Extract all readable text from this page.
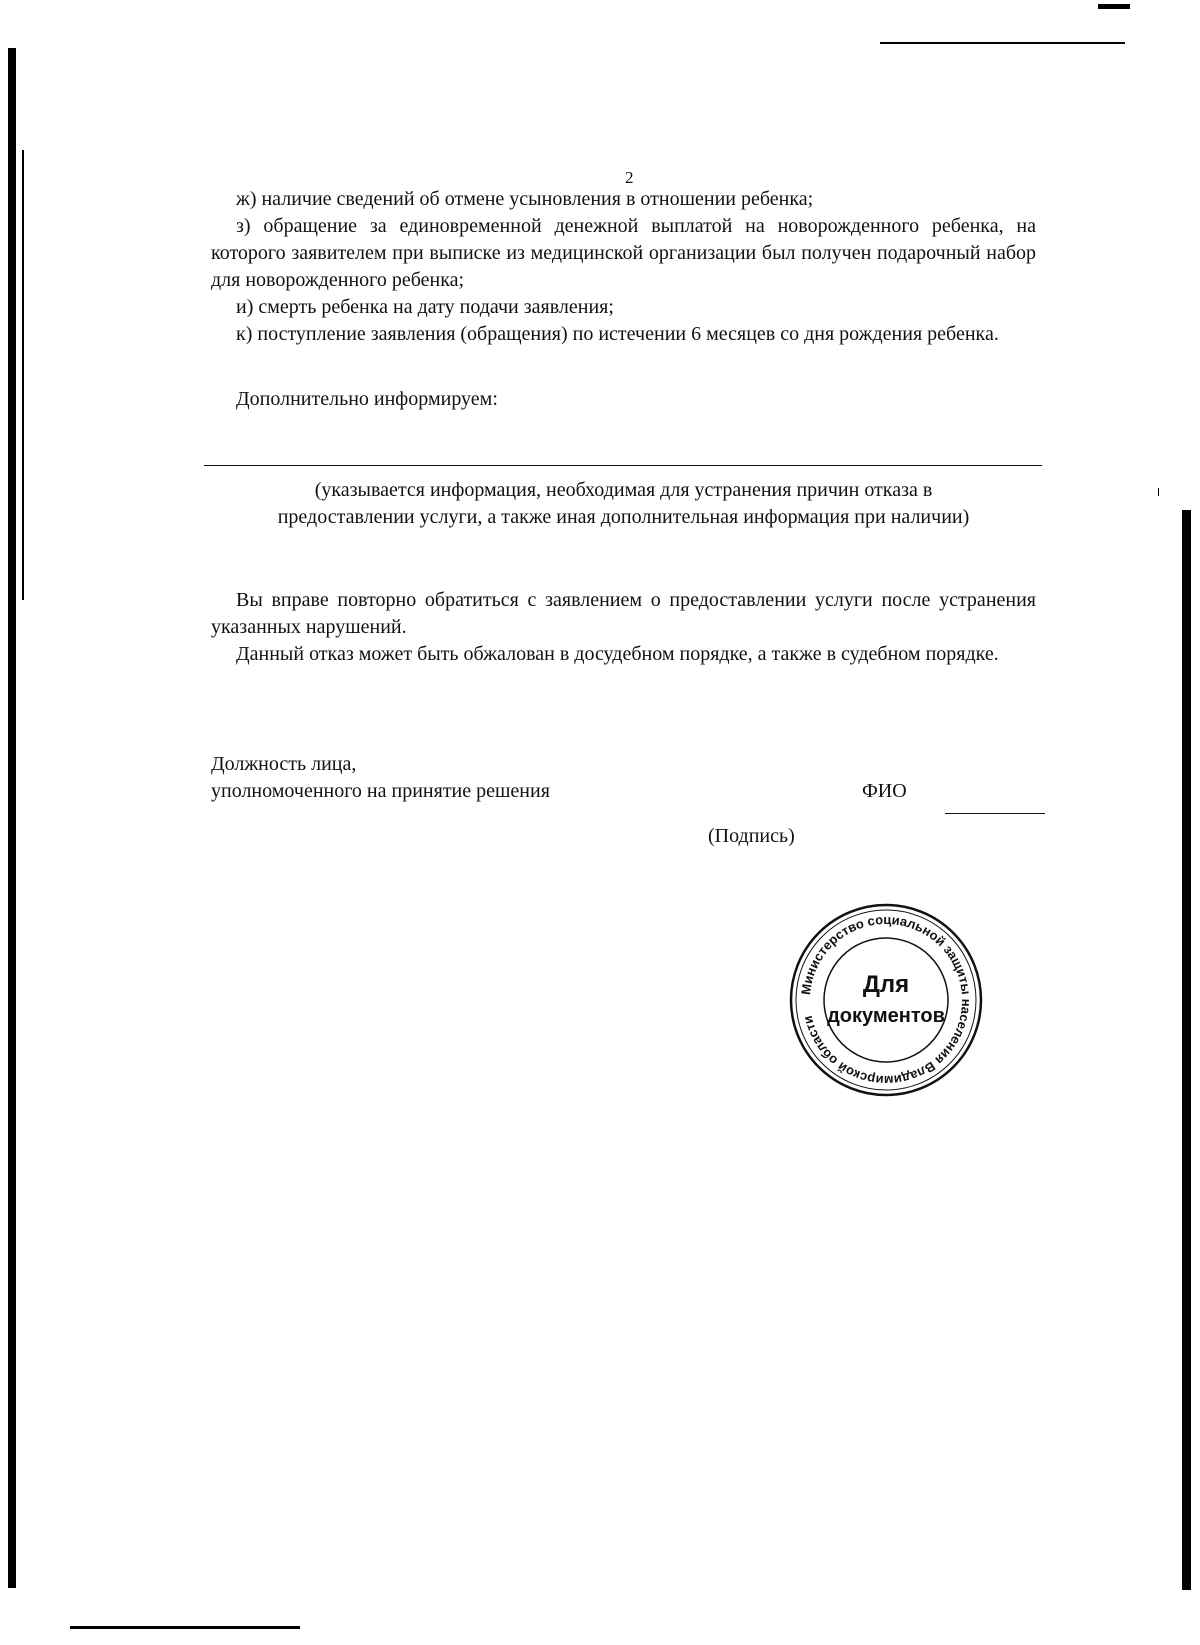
2

ж) наличие сведений об отмене усыновления в отношении ребенка;

з) обращение за единовременной денежной выплатой на новорожденного ребенка, на которого заявителем при выписке из медицинской организации был получен подарочный набор для новорожденного ребенка;

и) смерть ребенка на дату подачи заявления;

к) поступление заявления (обращения) по истечении 6 месяцев со дня рождения ребенка.

Дополнительно информируем:

(указывается информация, необходимая для устранения причин отказа в

предоставлении услуги, а также иная дополнительная информация при наличии)

Вы вправе повторно обратиться с заявлением о предоставлении услуги после устранения указанных нарушений.

Данный отказ может быть обжалован в досудебном порядке, а также в судебном порядке.

Должность лица,

уполномоченного на принятие решения	ФИО
(Подпись)
Министерство социальной защиты населения Владимирской области
Для
документов
